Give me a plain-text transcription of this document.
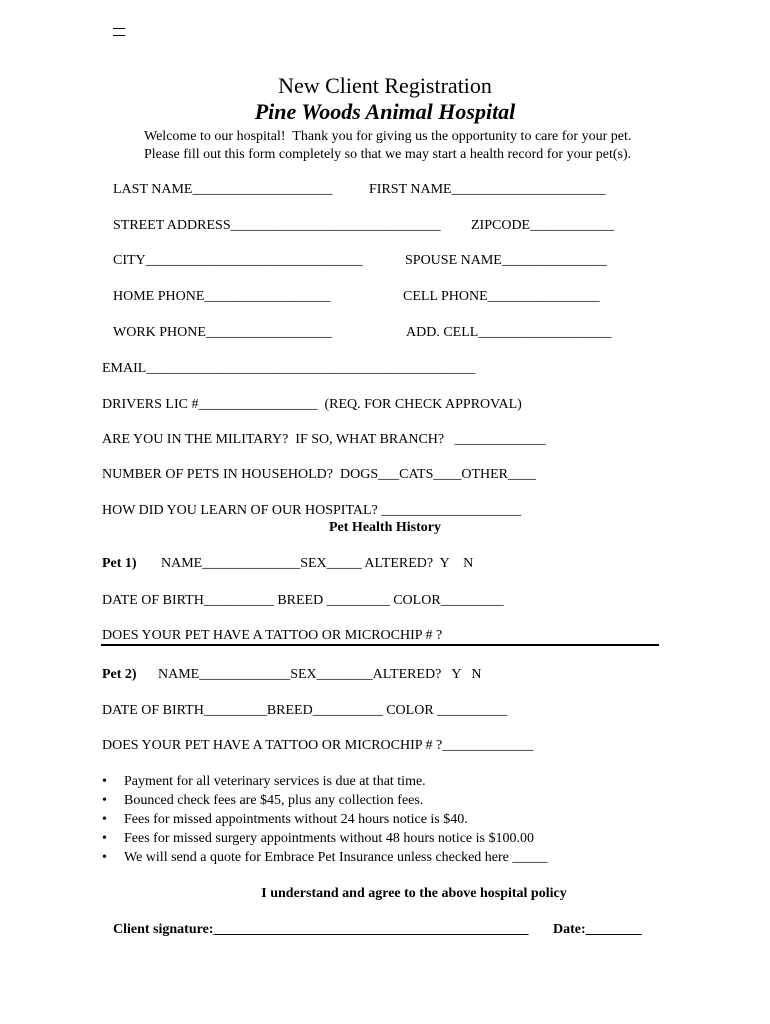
New Client Registration
Pine Woods Animal Hospital
Welcome to our hospital!  Thank you for giving us the opportunity to care for your pet.
Please fill out this form completely so that we may start a health record for your pet(s).
LAST NAME____________________	FIRST NAME______________________
STREET ADDRESS______________________________ ZIPCODE____________
CITY_______________________________	SPOUSE NAME_______________
HOME PHONE__________________	CELL PHONE________________
WORK PHONE__________________	ADD. CELL___________________
EMAIL_______________________________________________
DRIVERS LIC #_________________  (REQ. FOR CHECK APPROVAL)
ARE YOU IN THE MILITARY?  IF SO, WHAT BRANCH?   _____________
NUMBER OF PETS IN HOUSEHOLD?  DOGS___CATS____OTHER____
HOW DID YOU LEARN OF OUR HOSPITAL? ____________________
Pet Health History
Pet 1) NAME______________SEX_____ ALTERED?  Y    N
DATE OF BIRTH__________ BREED _________ COLOR_________
DOES YOUR PET HAVE A TATTOO OR MICROCHIP # ?
Pet 2) NAME_____________SEX________ALTERED?   Y   N
DATE OF BIRTH_________BREED__________ COLOR __________
DOES YOUR PET HAVE A TATTOO OR MICROCHIP # ?_____________
• Payment for all veterinary services is due at that time.
• Bounced check fees are $45, plus any collection fees.
• Fees for missed appointments without 24 hours notice is $40.
• Fees for missed surgery appointments without 48 hours notice is $100.00
• We will send a quote for Embrace Pet Insurance unless checked here _____
I understand and agree to the above hospital policy
Client signature:_____________________________________________ Date:________
